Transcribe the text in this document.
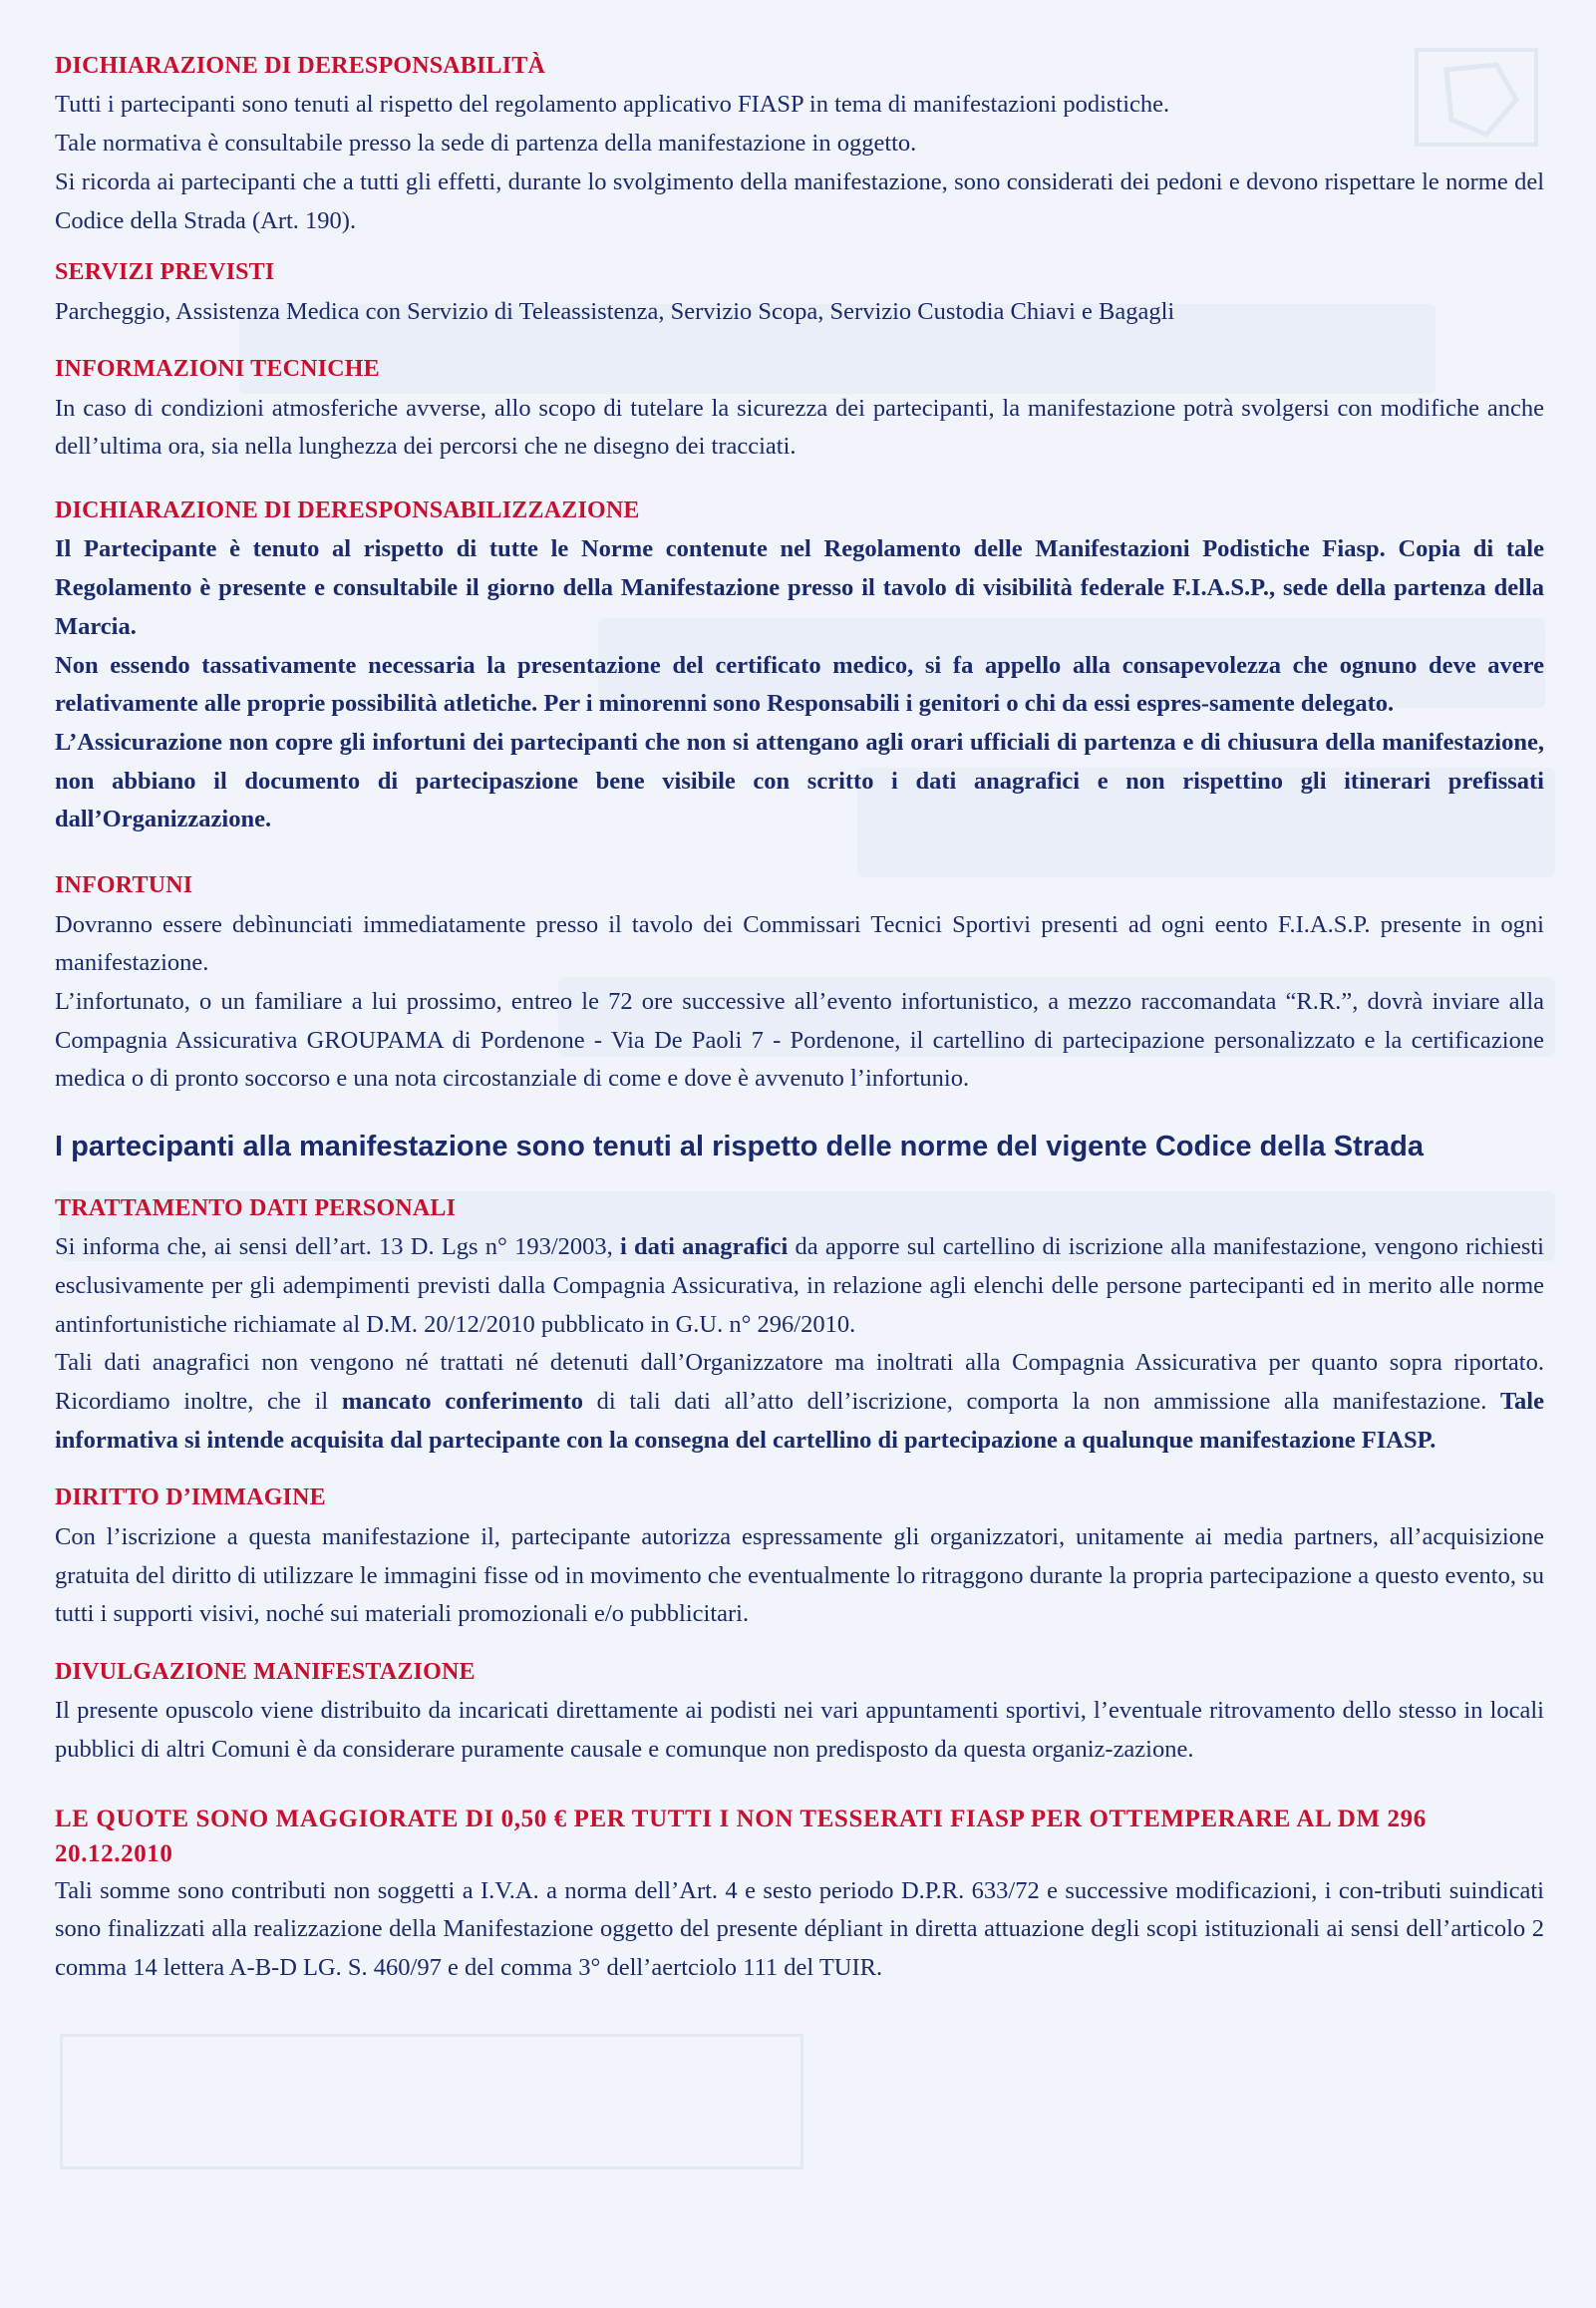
DICHIARAZIONE DI DERESPONSABILITÀ

Tutti i partecipanti sono tenuti al rispetto del regolamento applicativo FIASP in tema di manifestazioni podistiche.

Tale normativa è consultabile presso la sede di partenza della manifestazione in oggetto.

Si ricorda ai partecipanti che a tutti gli effetti, durante lo svolgimento della manifestazione, sono considerati dei pedoni e devono rispettare le norme del Codice della Strada (Art. 190).

SERVIZI PREVISTI

Parcheggio, Assistenza Medica con Servizio di Teleassistenza, Servizio Scopa, Servizio Custodia Chiavi e Bagagli

INFORMAZIONI TECNICHE

In caso di condizioni atmosferiche avverse, allo scopo di tutelare la sicurezza dei partecipanti, la manifestazione potrà svolgersi con modifiche anche dell’ultima ora, sia nella lunghezza dei percorsi che ne disegno dei tracciati.

DICHIARAZIONE DI DERESPONSABILIZZAZIONE

Il Partecipante è tenuto al rispetto di tutte le Norme contenute nel Regolamento delle Manifestazioni Podistiche Fiasp. Copia di tale Regolamento è presente e consultabile il giorno della Manifestazione presso il tavolo di visibilità federale F.I.A.S.P., sede della partenza della Marcia.

Non essendo tassativamente necessaria la presentazione del certificato medico, si fa appello alla consapevolezza che ognuno deve avere relativamente alle proprie possibilità atletiche. Per i minorenni sono Responsabili i genitori o chi da essi espres-samente delegato.

L’Assicurazione non copre gli infortuni dei partecipanti che non si attengano agli orari ufficiali di partenza e di chiusura della manifestazione, non abbiano il documento di partecipaszione bene visibile con scritto i dati anagrafici e non rispettino gli itinerari prefissati dall’Organizzazione.

INFORTUNI

Dovranno essere debìnunciati immediatamente presso il tavolo dei Commissari Tecnici Sportivi presenti ad ogni eento F.I.A.S.P. presente in ogni manifestazione.

L’infortunato, o un familiare a lui prossimo, entreo le 72 ore successive all’evento infortunistico, a mezzo raccomandata “R.R.”, dovrà inviare alla Compagnia Assicurativa GROUPAMA di Pordenone - Via De Paoli 7 - Pordenone, il cartellino di partecipazione personalizzato e la certificazione medica o di pronto soccorso e una nota circostanziale di come e dove è avvenuto l’infortunio.

I partecipanti alla manifestazione sono tenuti al rispetto delle norme del vigente Codice della Strada

TRATTAMENTO DATI PERSONALI

Si informa che, ai sensi dell’art. 13 D. Lgs n° 193/2003, i dati anagrafici da apporre sul cartellino di iscrizione alla manifestazione, vengono richiesti esclusivamente per gli adempimenti previsti dalla Compagnia Assicurativa, in relazione agli elenchi delle persone partecipanti ed in merito alle norme antinfortunistiche richiamate al D.M. 20/12/2010 pubblicato in G.U. n° 296/2010.

Tali dati anagrafici non vengono né trattati né detenuti dall’Organizzatore ma inoltrati alla Compagnia Assicurativa per quanto sopra riportato. Ricordiamo inoltre, che il mancato conferimento di tali dati all’atto dell’iscrizione, comporta la non ammissione alla manifestazione. Tale informativa si intende acquisita dal partecipante con la consegna del cartellino di partecipazione a qualunque manifestazione FIASP.

DIRITTO D’IMMAGINE

Con l’iscrizione a questa manifestazione il, partecipante autorizza espressamente gli organizzatori, unitamente ai media partners, all’acquisizione gratuita del diritto di utilizzare le immagini fisse od in movimento che eventualmente lo ritraggono durante la propria partecipazione a questo evento, su tutti i supporti visivi, noché sui materiali promozionali e/o pubblicitari.

DIVULGAZIONE MANIFESTAZIONE

Il presente opuscolo viene distribuito da incaricati direttamente ai podisti nei vari appuntamenti sportivi, l’eventuale ritrovamento dello stesso in locali pubblici di altri Comuni è da considerare puramente causale e comunque non predisposto da questa organiz-zazione.

LE QUOTE SONO MAGGIORATE DI 0,50 € PER TUTTI I NON TESSERATI FIASP PER OTTEMPERARE AL DM 296 20.12.2010

Tali somme sono contributi non soggetti a I.V.A. a norma dell’Art. 4 e sesto periodo D.P.R. 633/72 e successive modificazioni, i con-tributi suindicati sono finalizzati alla realizzazione della Manifestazione oggetto del presente dépliant in diretta attuazione degli scopi istituzionali ai sensi dell’articolo 2 comma 14 lettera A-B-D LG. S. 460/97 e del comma 3° dell’aertciolo 111 del TUIR.
